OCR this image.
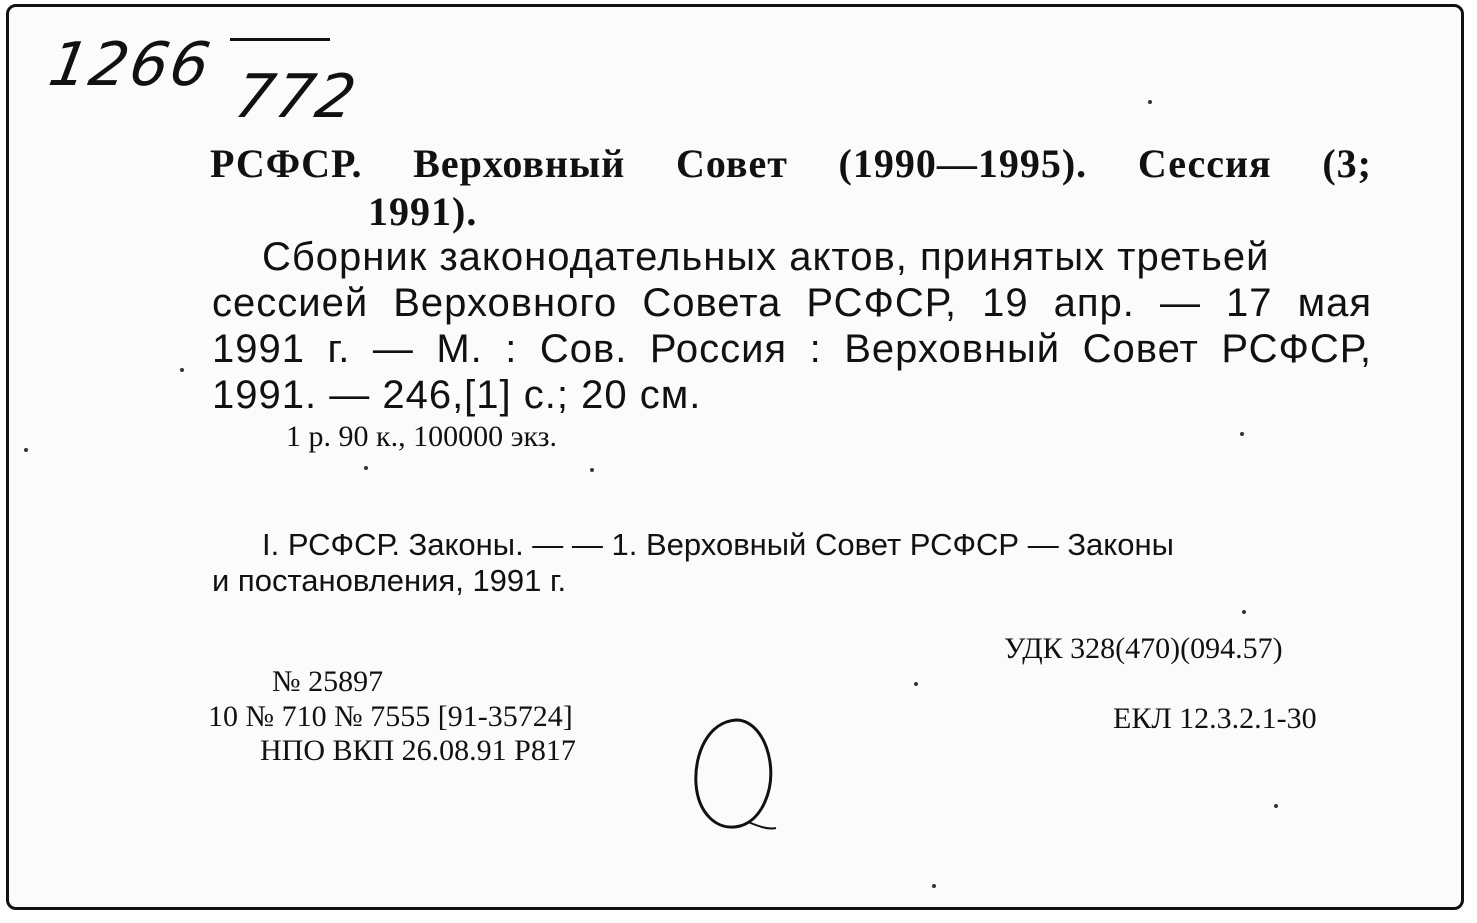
1266 772
РСФСР. Верховный Совет (1990—1995). Сессия (3;
1991).
Сборник законодательных актов, принятых третьей
сессией Верховного Совета РСФСР, 19 апр. — 17 мая
1991 г. — М. : Сов. Россия : Верховный Совет РСФСР,
1991. — 246,[1] с.; 20 см.
1 р. 90 к., 100000 экз.
I. РСФСР. Законы. — — 1. Верховный Совет РСФСР — Законы
и постановления, 1991 г.
УДК 328(470)(094.57)
№ 25897
10 № 710 № 7555 [91-35724]	ЕКЛ 12.3.2.1-30
НПО ВКП 26.08.91 Р817
